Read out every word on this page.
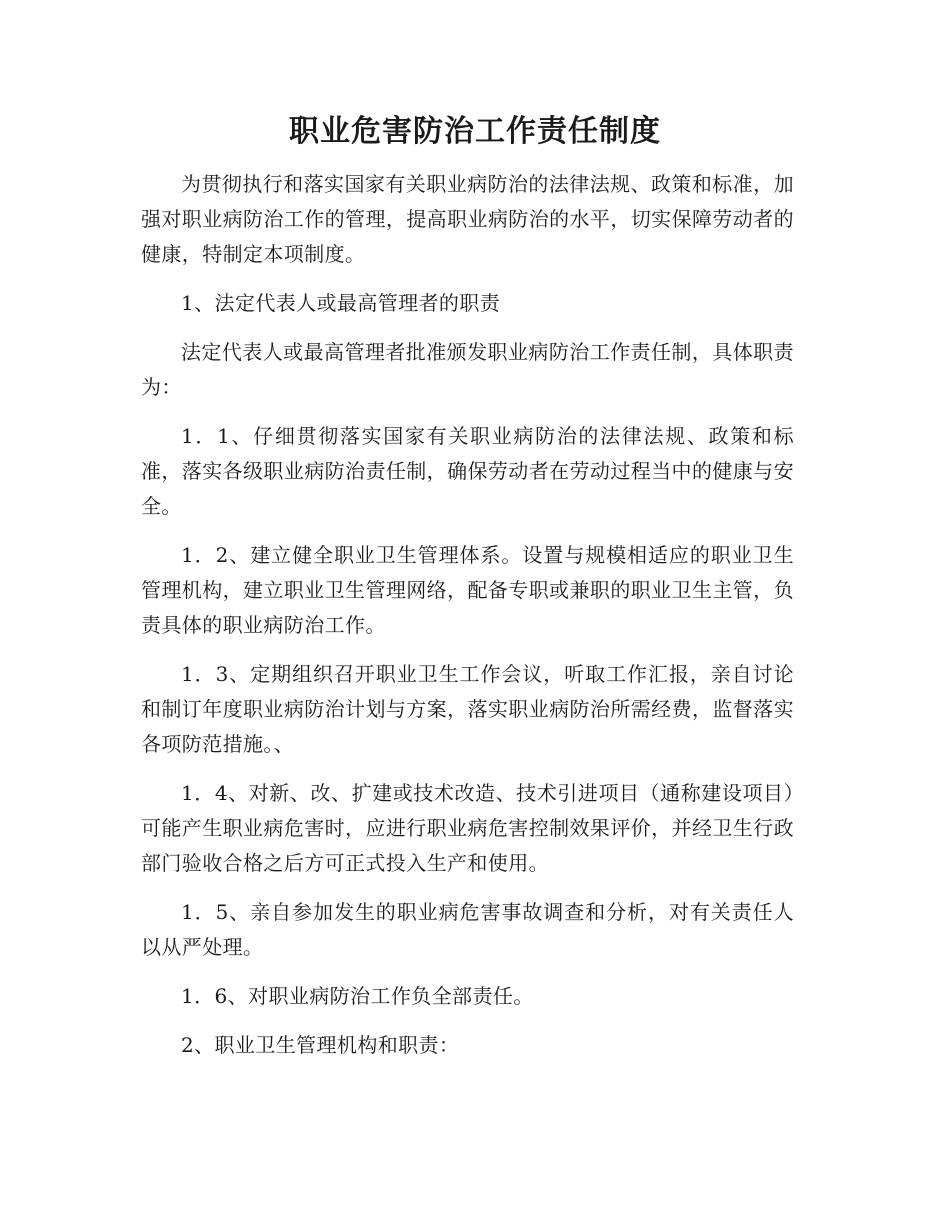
职业危害防治工作责任制度

为贯彻执行和落实国家有关职业病防治的法律法规、政策和标准，加强对职业病防治工作的管理，提高职业病防治的水平，切实保障劳动者的健康，特制定本项制度。

1、法定代表人或最高管理者的职责

法定代表人或最高管理者批准颁发职业病防治工作责任制，具体职责为：

1．1、仔细贯彻落实国家有关职业病防治的法律法规、政策和标准，落实各级职业病防治责任制，确保劳动者在劳动过程当中的健康与安全。

1．2、建立健全职业卫生管理体系。设置与规模相适应的职业卫生管理机构，建立职业卫生管理网络，配备专职或兼职的职业卫生主管，负责具体的职业病防治工作。

1．3、定期组织召开职业卫生工作会议，听取工作汇报，亲自讨论和制订年度职业病防治计划与方案，落实职业病防治所需经费，监督落实各项防范措施。、

1．4、对新、改、扩建或技术改造、技术引进项目（通称建设项目）可能产生职业病危害时，应进行职业病危害控制效果评价，并经卫生行政部门验收合格之后方可正式投入生产和使用。

1．5、亲自参加发生的职业病危害事故调查和分析，对有关责任人以从严处理。

1．6、对职业病防治工作负全部责任。

2、职业卫生管理机构和职责：
